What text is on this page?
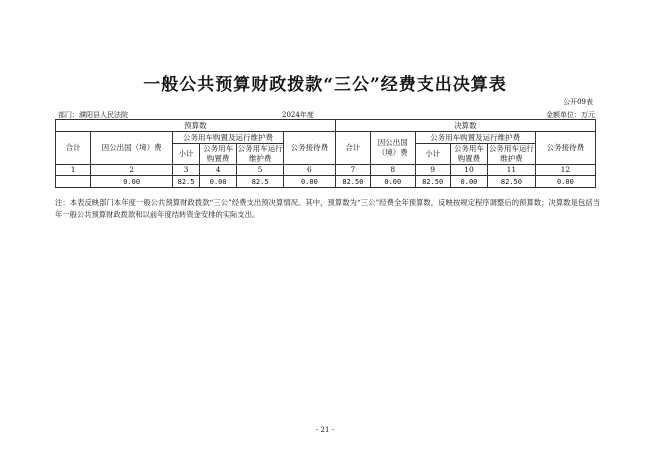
一般公共预算财政拨款“三公”经费支出决算表
公开09表
部门：濮阳县人民法院	2024年度	金额单位：万元
预算数						决算数					
合计	因公出国（境）费	公务用车购置及运行维护费			公务接待费	合计	因公出国（境）费	公务用车购置及运行维护费			公务接待费
		小计	公务用车购置费	公务用车运行维护费				小计	公务用车购置费	公务用车运行维护费	
1	2	3	4	5	6	7	8	9	10	11	12
	0.00	82.5	0.00	82.5	0.00	82.50	0.00	82.50	0.00	82.50	0.00
注：本表反映部门本年度一般公共预算财政拨款“三公”经费支出预决算情况。其中，预算数为“三公”经费全年预算数，反映按规定程序调整后的预算数；决算数是包括当年一般公共预算财政拨款和以前年度结转资金安排的实际支出。
- 21 -
